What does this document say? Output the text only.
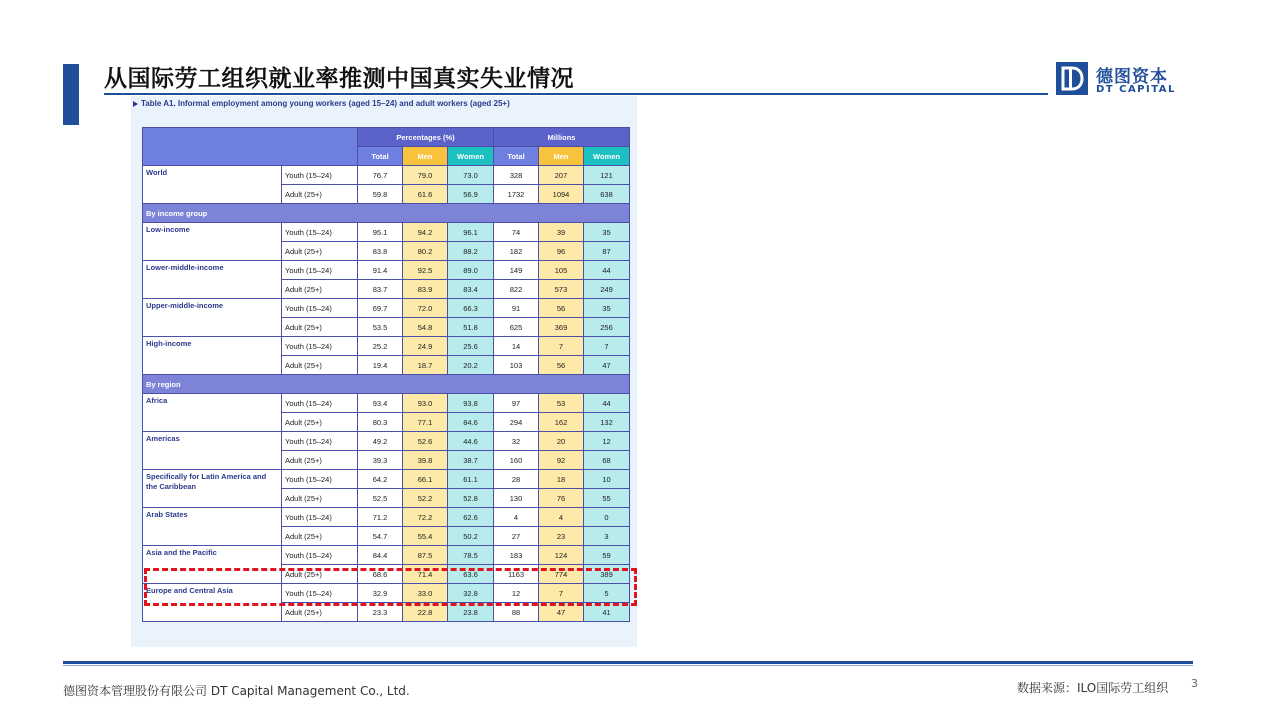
从国际劳工组织就业率推测中国真实失业情况	德图资本
DT CAPITAL
Table A1. Informal employment among young workers (aged 15–24) and adult workers (aged 25+)
		Percentages (%)			Millions		
		Total	Men	Women	Total	Men	Women
World	Youth (15–24)	76.7	79.0	73.0	328	207	121
	Adult (25+)	59.8	61.6	56.9	1732	1094	638
By income group							
Low-income	Youth (15–24)	95.1	94.2	96.1	74	39	35
	Adult (25+)	83.8	80.2	88.2	182	96	87
Lower-middle-income	Youth (15–24)	91.4	92.5	89.0	149	105	44
	Adult (25+)	83.7	83.9	83.4	822	573	249
Upper-middle-income	Youth (15–24)	69.7	72.0	66.3	91	56	35
	Adult (25+)	53.5	54.8	51.8	625	369	256
High-income	Youth (15–24)	25.2	24.9	25.6	14	7	7
	Adult (25+)	19.4	18.7	20.2	103	56	47
By region							
Africa	Youth (15–24)	93.4	93.0	93.8	97	53	44
	Adult (25+)	80.3	77.1	84.6	294	162	132
Americas	Youth (15–24)	49.2	52.6	44.6	32	20	12
	Adult (25+)	39.3	39.8	38.7	160	92	68
Specifically for Latin America and the Caribbean	Youth (15–24)	64.2	66.1	61.1	28	18	10
	Adult (25+)	52.5	52.2	52.8	130	76	55
Arab States	Youth (15–24)	71.2	72.2	62.6	4	4	0
	Adult (25+)	54.7	55.4	50.2	27	23	3
Asia and the Pacific	Youth (15–24)	84.4	87.5	78.5	183	124	59
	Adult (25+)	68.6	71.4	63.6	1163	774	389
Europe and Central Asia	Youth (15–24)	32.9	33.0	32.8	12	7	5
	Adult (25+)	23.3	22.8	23.8	88	47	41
德图资本管理股份有限公司 DT Capital Management Co., Ltd.	数据来源：ILO国际劳工组织 3
